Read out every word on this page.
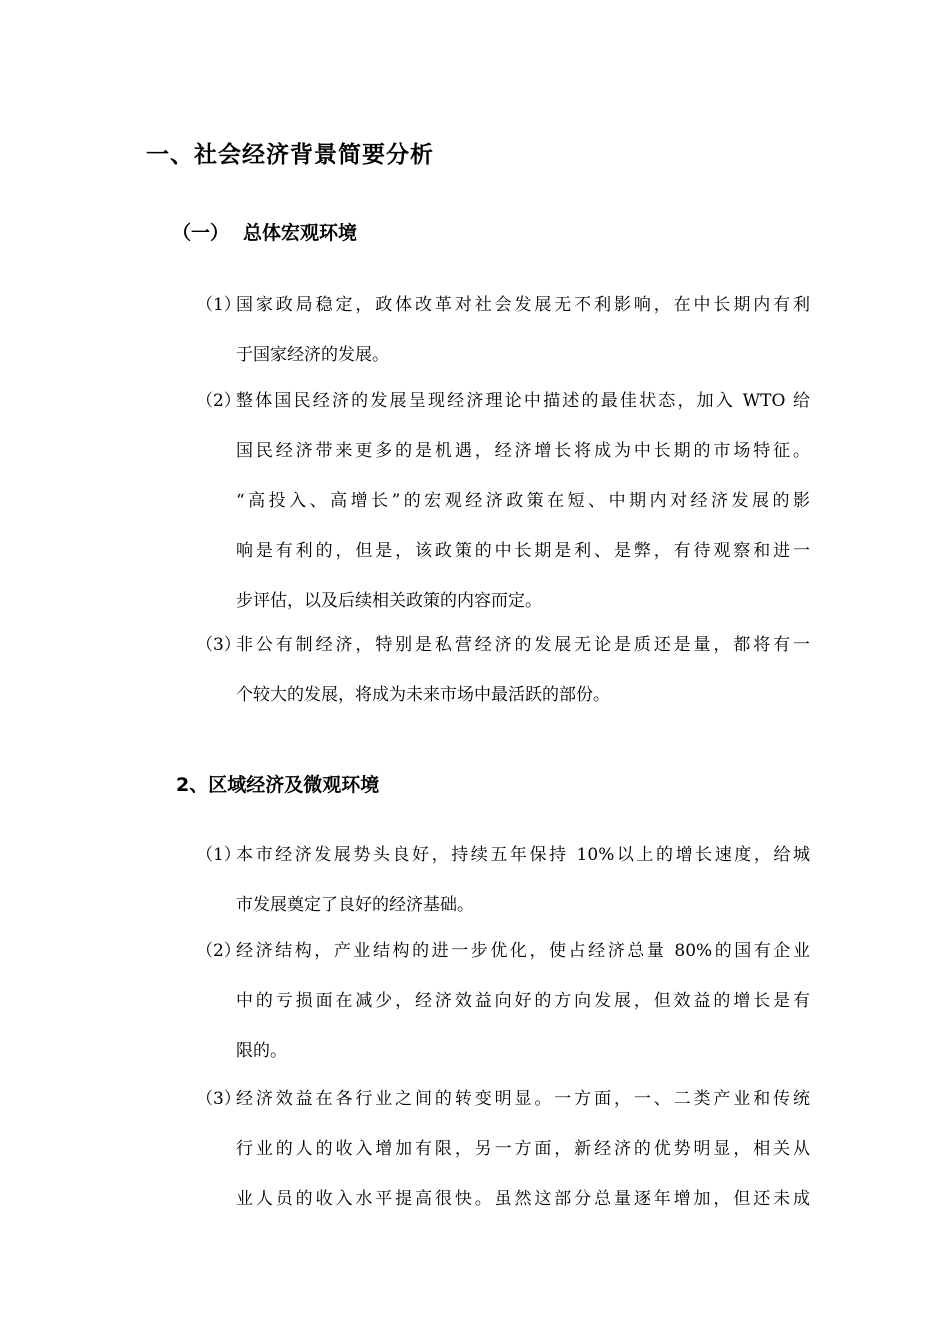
一、社会经济背景简要分析
（一） 总体宏观环境
（1）
国家政局稳定，政体改革对社会发展无不利影响，在中长期内有利
于国家经济的发展。
（2）
整体国民经济的发展呈现经济理论中描述的最佳状态，加入 WTO 给
国民经济带来更多的是机遇，经济增长将成为中长期的市场特征。
“高投入、高增长”的宏观经济政策在短、中期内对经济发展的影
响是有利的，但是，该政策的中长期是利、是弊，有待观察和进一
步评估，以及后续相关政策的内容而定。
（3）
非公有制经济，特别是私营经济的发展无论是质还是量，都将有一
个较大的发展，将成为未来市场中最活跃的部份。
2、区域经济及微观环境
（1）
本市经济发展势头良好，持续五年保持 10%以上的增长速度，给城
市发展奠定了良好的经济基础。
（2）
经济结构，产业结构的进一步优化，使占经济总量 80%的国有企业
中的亏损面在减少，经济效益向好的方向发展，但效益的增长是有
限的。
（3）
经济效益在各行业之间的转变明显。一方面，一、二类产业和传统
行业的人的收入增加有限，另一方面，新经济的优势明显，相关从
业人员的收入水平提高很快。虽然这部分总量逐年增加，但还未成
